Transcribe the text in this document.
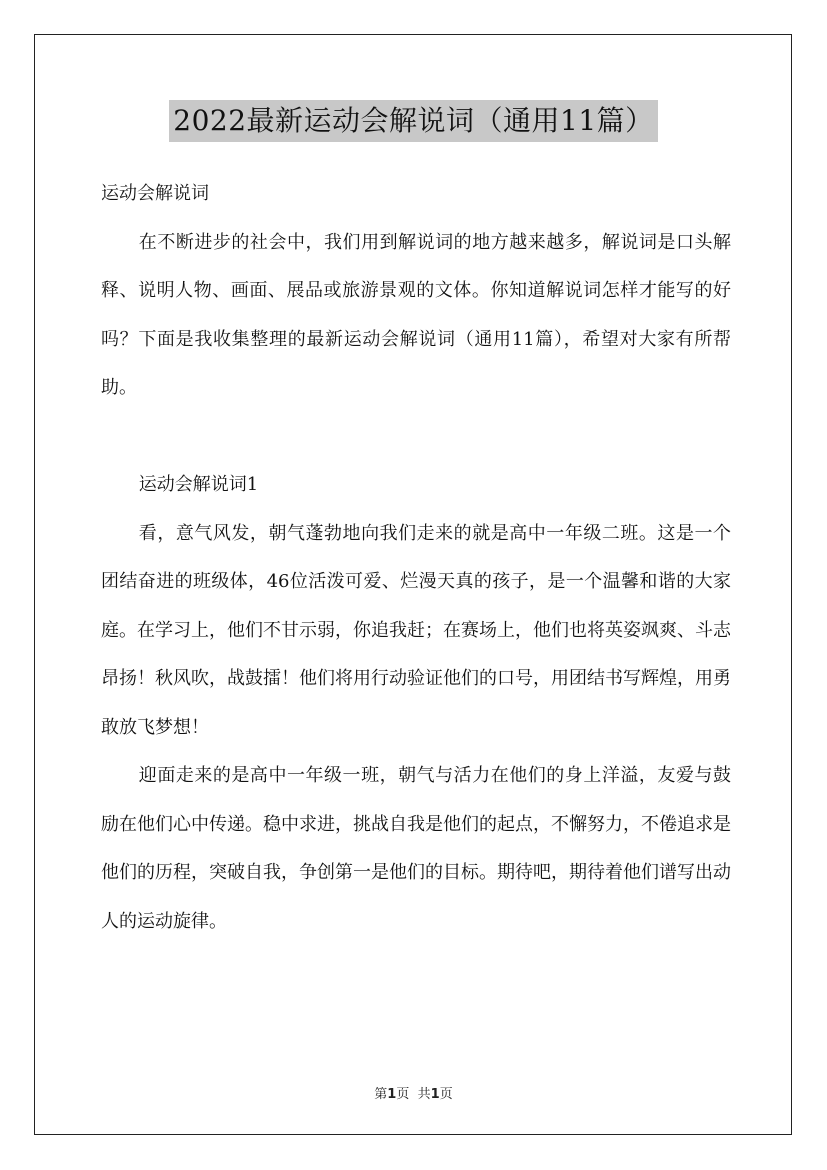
2022最新运动会解说词（通用11篇）

运动会解说词

在不断进步的社会中，我们用到解说词的地方越来越多，解说词是口头解释、说明人物、画面、展品或旅游景观的文体。你知道解说词怎样才能写的好吗？下面是我收集整理的最新运动会解说词（通用11篇），希望对大家有所帮助。

运动会解说词1

看，意气风发，朝气蓬勃地向我们走来的就是高中一年级二班。这是一个团结奋进的班级体，46位活泼可爱、烂漫天真的孩子，是一个温馨和谐的大家庭。在学习上，他们不甘示弱，你追我赶；在赛场上，他们也将英姿飒爽、斗志昂扬！秋风吹，战鼓擂！他们将用行动验证他们的口号，用团结书写辉煌，用勇敢放飞梦想！

迎面走来的是高中一年级一班，朝气与活力在他们的身上洋溢，友爱与鼓励在他们心中传递。稳中求进，挑战自我是他们的起点，不懈努力，不倦追求是他们的历程，突破自我，争创第一是他们的目标。期待吧，期待着他们谱写出动人的运动旋律。

第1页 共1页
